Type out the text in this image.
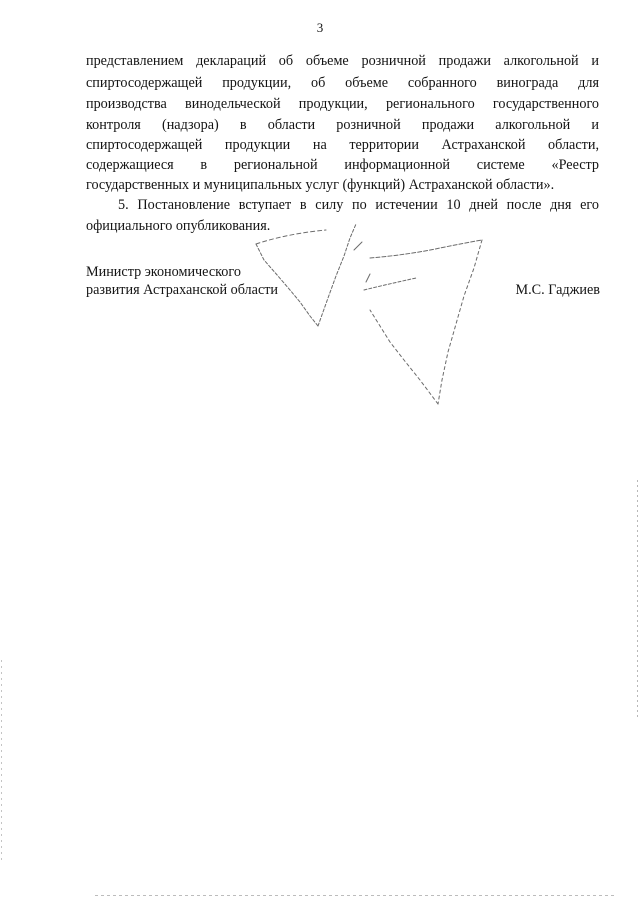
3
представлением деклараций об объеме розничной продажи алкогольной и
спиртосодержащей продукции, об объеме собранного винограда для
производства винодельческой продукции, регионального государственного
контроля (надзора) в области розничной продажи алкогольной и
спиртосодержащей продукции на территории Астраханской области,
содержащиеся в региональной информационной системе «Реестр
государственных и муниципальных услуг (функций) Астраханской области».
5. Постановление вступает в силу по истечении 10 дней после дня его
официального опубликования.
Министр экономического
развития Астраханской области	М.С. Гаджиев
